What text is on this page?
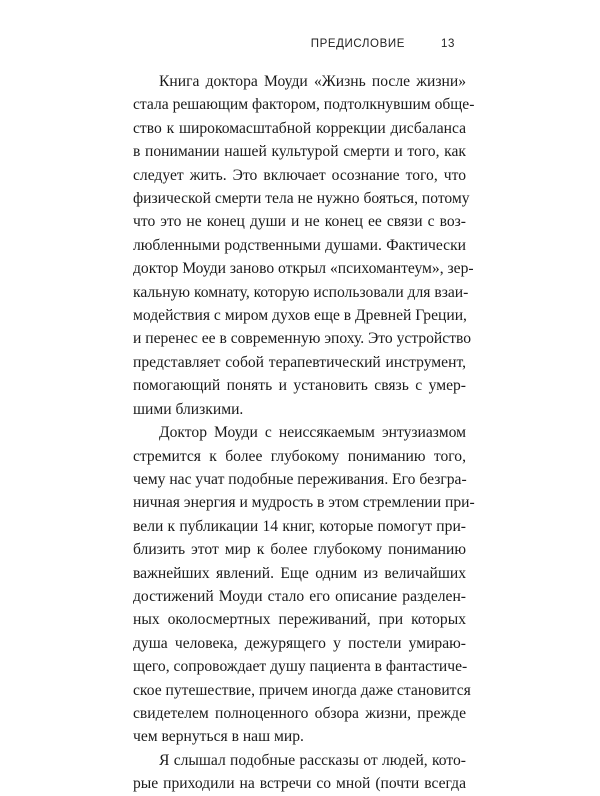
ПРЕДИСЛОВИЕ	13

Книга доктора Моуди «Жизнь после жизни»
стала решающим фактором, подтолкнувшим обще-
ство к широкомасштабной коррекции дисбаланса
в понимании нашей культурой смерти и того, как
следует жить. Это включает осознание того, что
физической смерти тела не нужно бояться, потому
что это не конец души и не конец ее связи с воз-
любленными родственными душами. Фактически
доктор Моуди заново открыл «психомантеум», зер-
кальную комнату, которую использовали для взаи-
модействия с миром духов еще в Древней Греции,
и перенес ее в современную эпоху. Это устройство
представляет собой терапевтический инструмент,
помогающий понять и установить связь с умер-
шими близкими.

Доктор Моуди с неиссякаемым энтузиазмом
стремится к более глубокому пониманию того,
чему нас учат подобные переживания. Его безгра-
ничная энергия и мудрость в этом стремлении при-
вели к публикации 14 книг, которые помогут при-
близить этот мир к более глубокому пониманию
важнейших явлений. Еще одним из величайших
достижений Моуди стало его описание разделен-
ных околосмертных переживаний, при которых
душа человека, дежурящего у постели умираю-
щего, сопровождает душу пациента в фантастиче-
ское путешествие, причем иногда даже становится
свидетелем полноценного обзора жизни, прежде
чем вернуться в наш мир.

Я слышал подобные рассказы от людей, кото-
рые приходили на встречи со мной (почти всегда
